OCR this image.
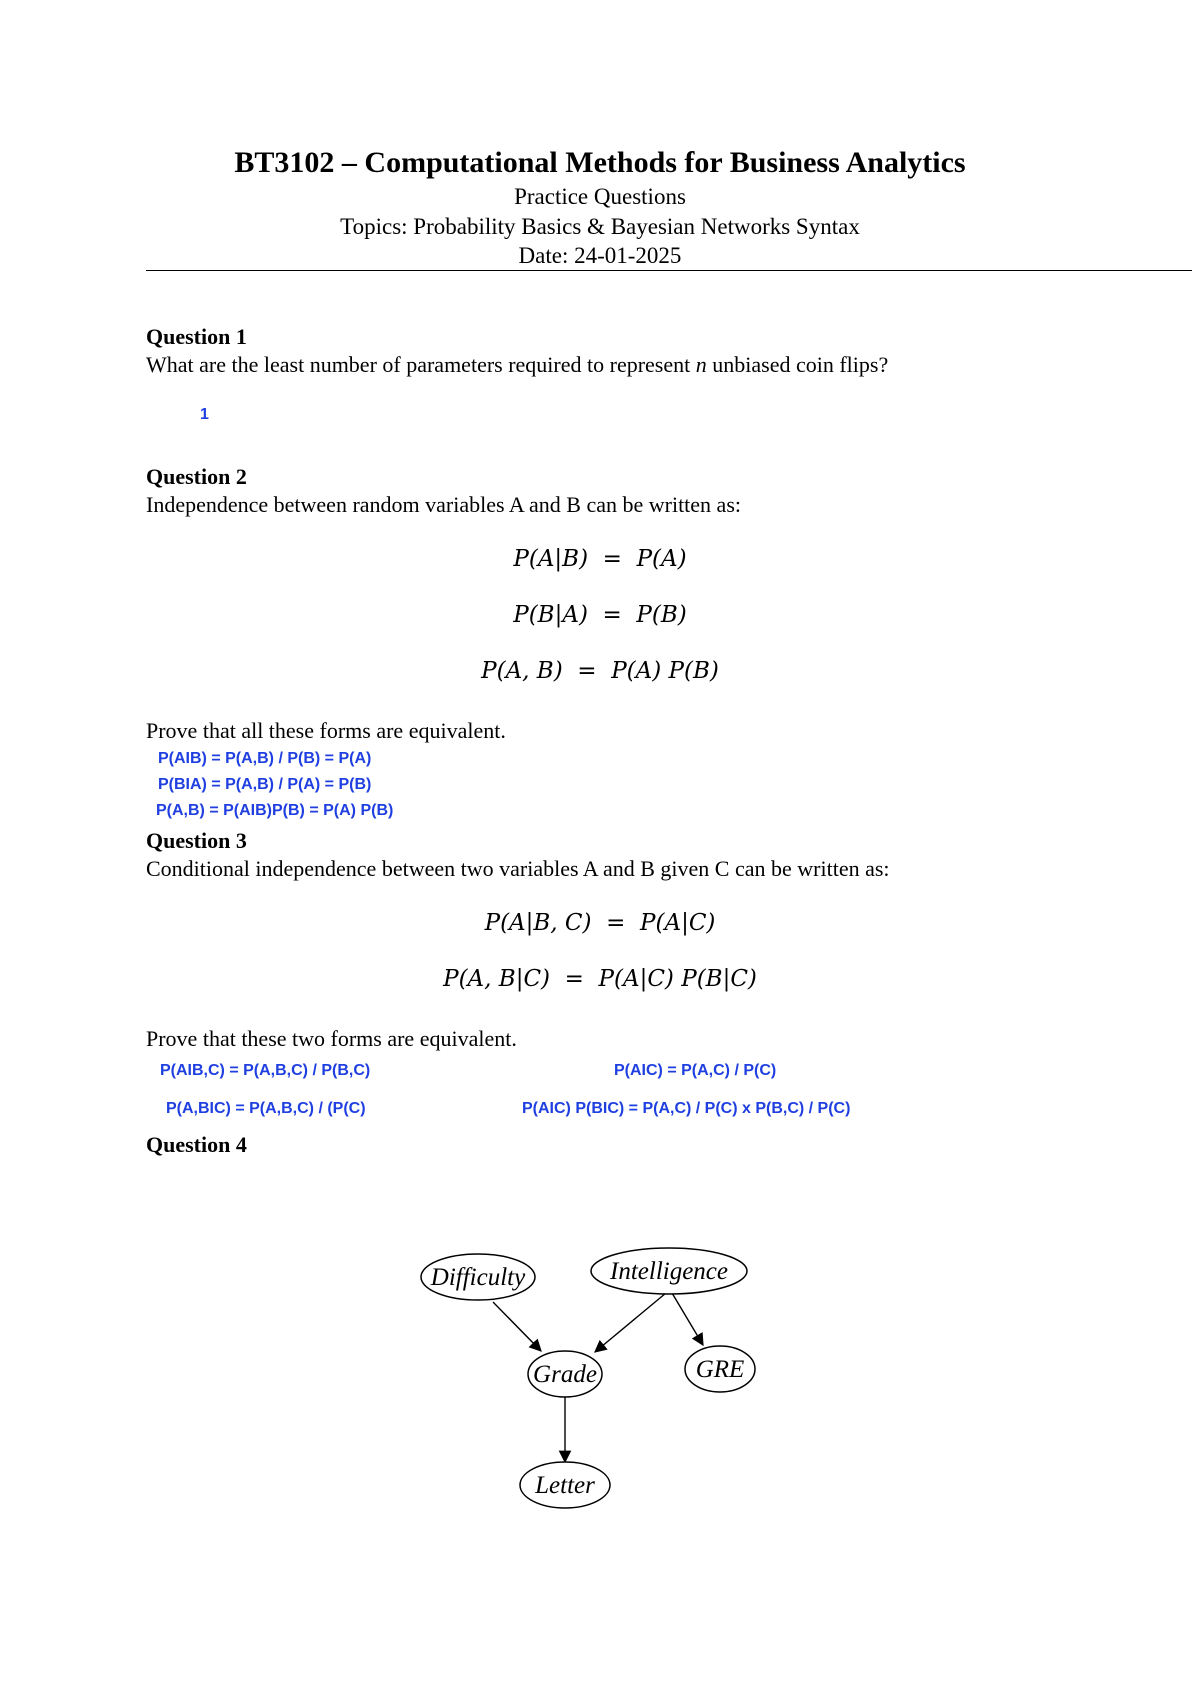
BT3102 – Computational Methods for Business Analytics
Practice Questions
Topics: Probability Basics & Bayesian Networks Syntax
Date: 24-01-2025
Question 1
What are the least number of parameters required to represent n unbiased coin flips?
1
Question 2
Independence between random variables A and B can be written as:
P(A|B)  =  P(A)
P(B|A)  =  P(B)
P(A, B)  =  P(A) P(B)
Prove that all these forms are equivalent.
P(AIB) = P(A,B) / P(B) = P(A)
P(BIA) = P(A,B) / P(A) = P(B)
P(A,B) = P(AIB)P(B) = P(A) P(B)
Question 3
Conditional independence between two variables A and B given C can be written as:
P(A|B, C)  =  P(A|C)
P(A, B|C)  =  P(A|C) P(B|C)
Prove that these two forms are equivalent.
P(AIB,C) = P(A,B,C) / P(B,C)	P(AIC) = P(A,C) / P(C)
P(A,BIC) = P(A,B,C) / (P(C)	P(AIC) P(BIC) = P(A,C) / P(C) x P(B,C) / P(C)
Question 4
Difficulty	Intelligence
Grade	GRE
Letter
